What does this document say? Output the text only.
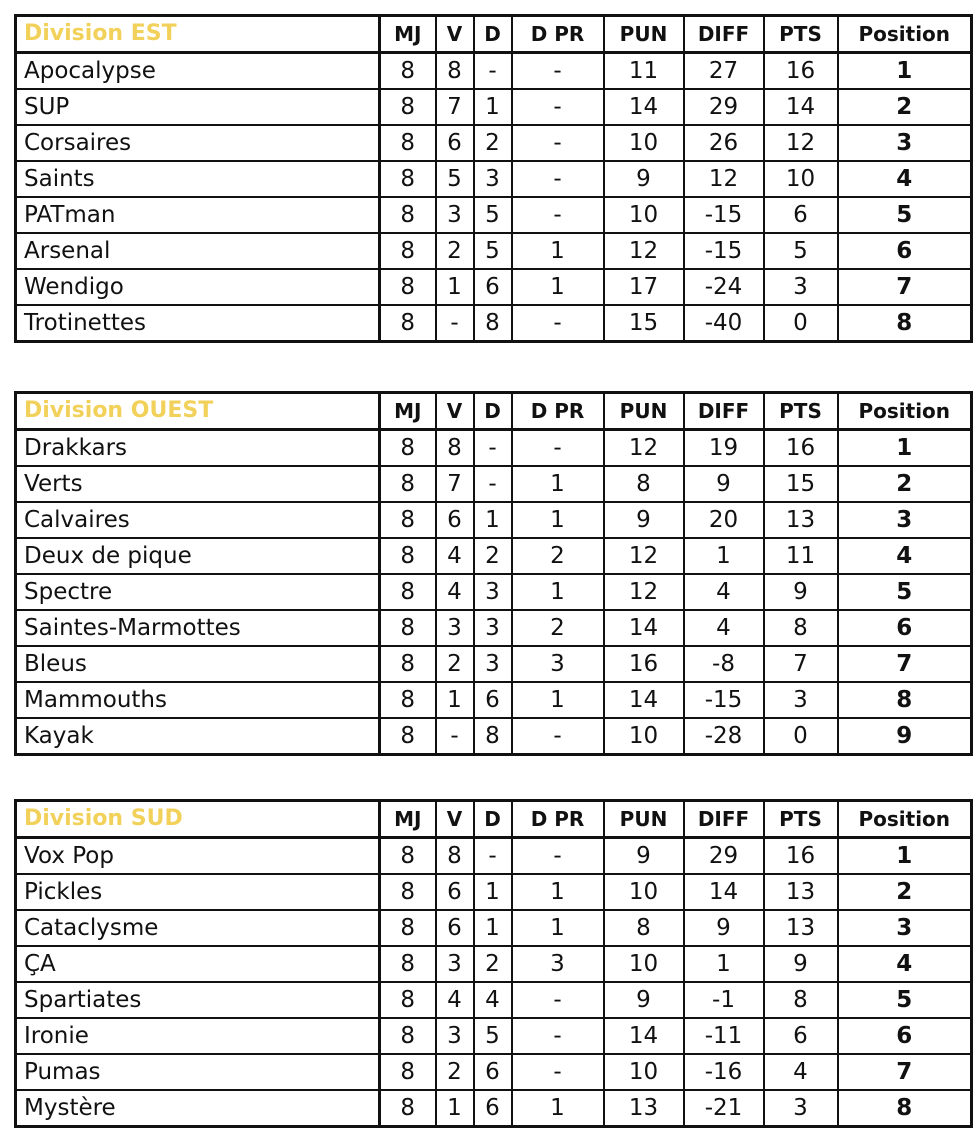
Division EST	MJ	V	D	D PR	PUN	DIFF	PTS	Position
Apocalypse	8	8	-	-	11	27	16	1
SUP	8	7	1	-	14	29	14	2
Corsaires	8	6	2	-	10	26	12	3
Saints	8	5	3	-	9	12	10	4
PATman	8	3	5	-	10	-15	6	5
Arsenal	8	2	5	1	12	-15	5	6
Wendigo	8	1	6	1	17	-24	3	7
Trotinettes	8	-	8	-	15	-40	0	8
Division OUEST	MJ	V	D	D PR	PUN	DIFF	PTS	Position
Drakkars	8	8	-	-	12	19	16	1
Verts	8	7	-	1	8	9	15	2
Calvaires	8	6	1	1	9	20	13	3
Deux de pique	8	4	2	2	12	1	11	4
Spectre	8	4	3	1	12	4	9	5
Saintes-Marmottes	8	3	3	2	14	4	8	6
Bleus	8	2	3	3	16	-8	7	7
Mammouths	8	1	6	1	14	-15	3	8
Kayak	8	-	8	-	10	-28	0	9
Division SUD	MJ	V	D	D PR	PUN	DIFF	PTS	Position
Vox Pop	8	8	-	-	9	29	16	1
Pickles	8	6	1	1	10	14	13	2
Cataclysme	8	6	1	1	8	9	13	3
ÇA	8	3	2	3	10	1	9	4
Spartiates	8	4	4	-	9	-1	8	5
Ironie	8	3	5	-	14	-11	6	6
Pumas	8	2	6	-	10	-16	4	7
Mystère	8	1	6	1	13	-21	3	8
